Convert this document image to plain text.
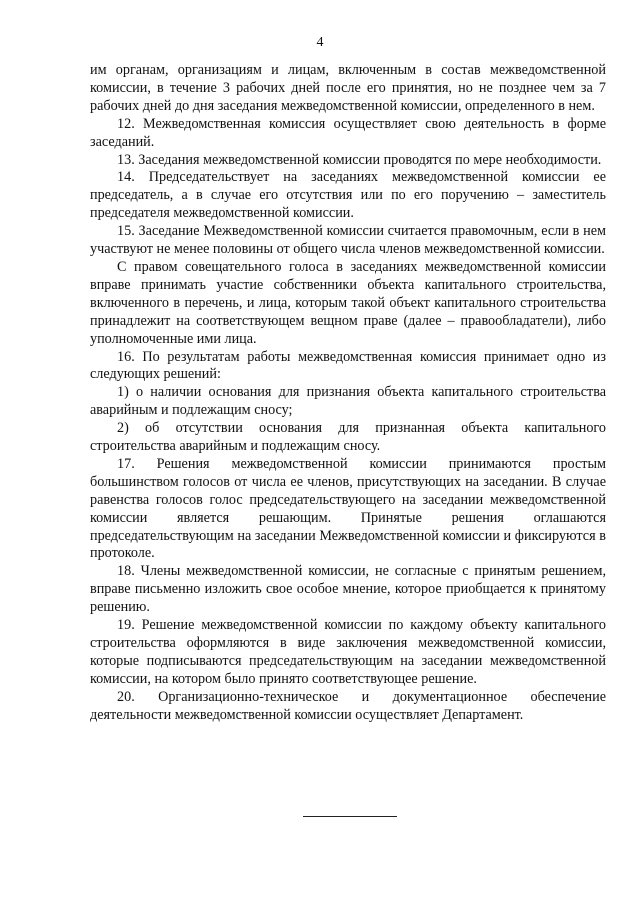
4

им органам, организациям и лицам, включенным в состав межведомственной комиссии, в течение 3 рабочих дней после его принятия, но не позднее чем за 7 рабочих дней до дня заседания межведомственной комиссии, определенного в нем.

12. Межведомственная комиссия осуществляет свою деятельность в форме заседаний.

13. Заседания межведомственной комиссии проводятся по мере необходимости.

14. Председательствует на заседаниях межведомственной комиссии ее председатель, а в случае его отсутствия или по его поручению – заместитель председателя межведомственной комиссии.

15. Заседание Межведомственной комиссии считается правомочным, если в нем участвуют не менее половины от общего числа членов межведомственной комиссии.

С правом совещательного голоса в заседаниях межведомственной комиссии вправе принимать участие собственники объекта капитального строительства, включенного в перечень, и лица, которым такой объект капитального строительства принадлежит на соответствующем вещном праве (далее – правообладатели), либо уполномоченные ими лица.

16. По результатам работы межведомственная комиссия принимает одно из следующих решений:

1) о наличии основания для признания объекта капитального строительства аварийным и подлежащим сносу;

2) об отсутствии основания для признанная объекта капитального строительства аварийным и подлежащим сносу.

17. Решения межведомственной комиссии принимаются простым большинством голосов от числа ее членов, присутствующих на заседании. В случае равенства голосов голос председательствующего на заседании межведомственной комиссии является решающим. Принятые решения оглашаются председательствующим на заседании Межведомственной комиссии и фиксируются в протоколе.

18. Члены межведомственной комиссии, не согласные с принятым решением, вправе письменно изложить свое особое мнение, которое приобщается к принятому решению.

19. Решение межведомственной комиссии по каждому объекту капитального строительства оформляются в виде заключения межведомственной комиссии, которые подписываются председательствующим на заседании межведомственной комиссии, на котором было принято соответствующее решение.

20. Организационно-техническое и документационное обеспечение деятельности межведомственной комиссии осуществляет Департамент.
